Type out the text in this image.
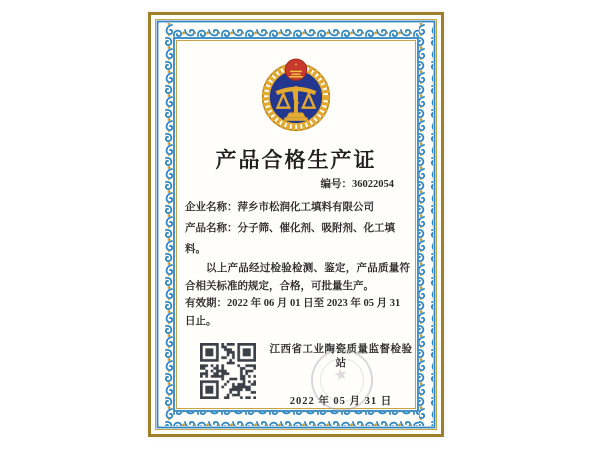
产品合格生产证
编号：36022054
企业名称：萍乡市松润化工填料有限公司
产品名称：分子筛、催化剂、吸附剂、化工填料。
以上产品经过检验检测、鉴定，产品质量符合相关标准的规定，合格，可批量生产。
有效期：2022 年 06 月 01 日至 2023 年 05 月 31 日止。
江西省工业陶瓷质量监督检验站
2022 年 05 月 31 日
★
